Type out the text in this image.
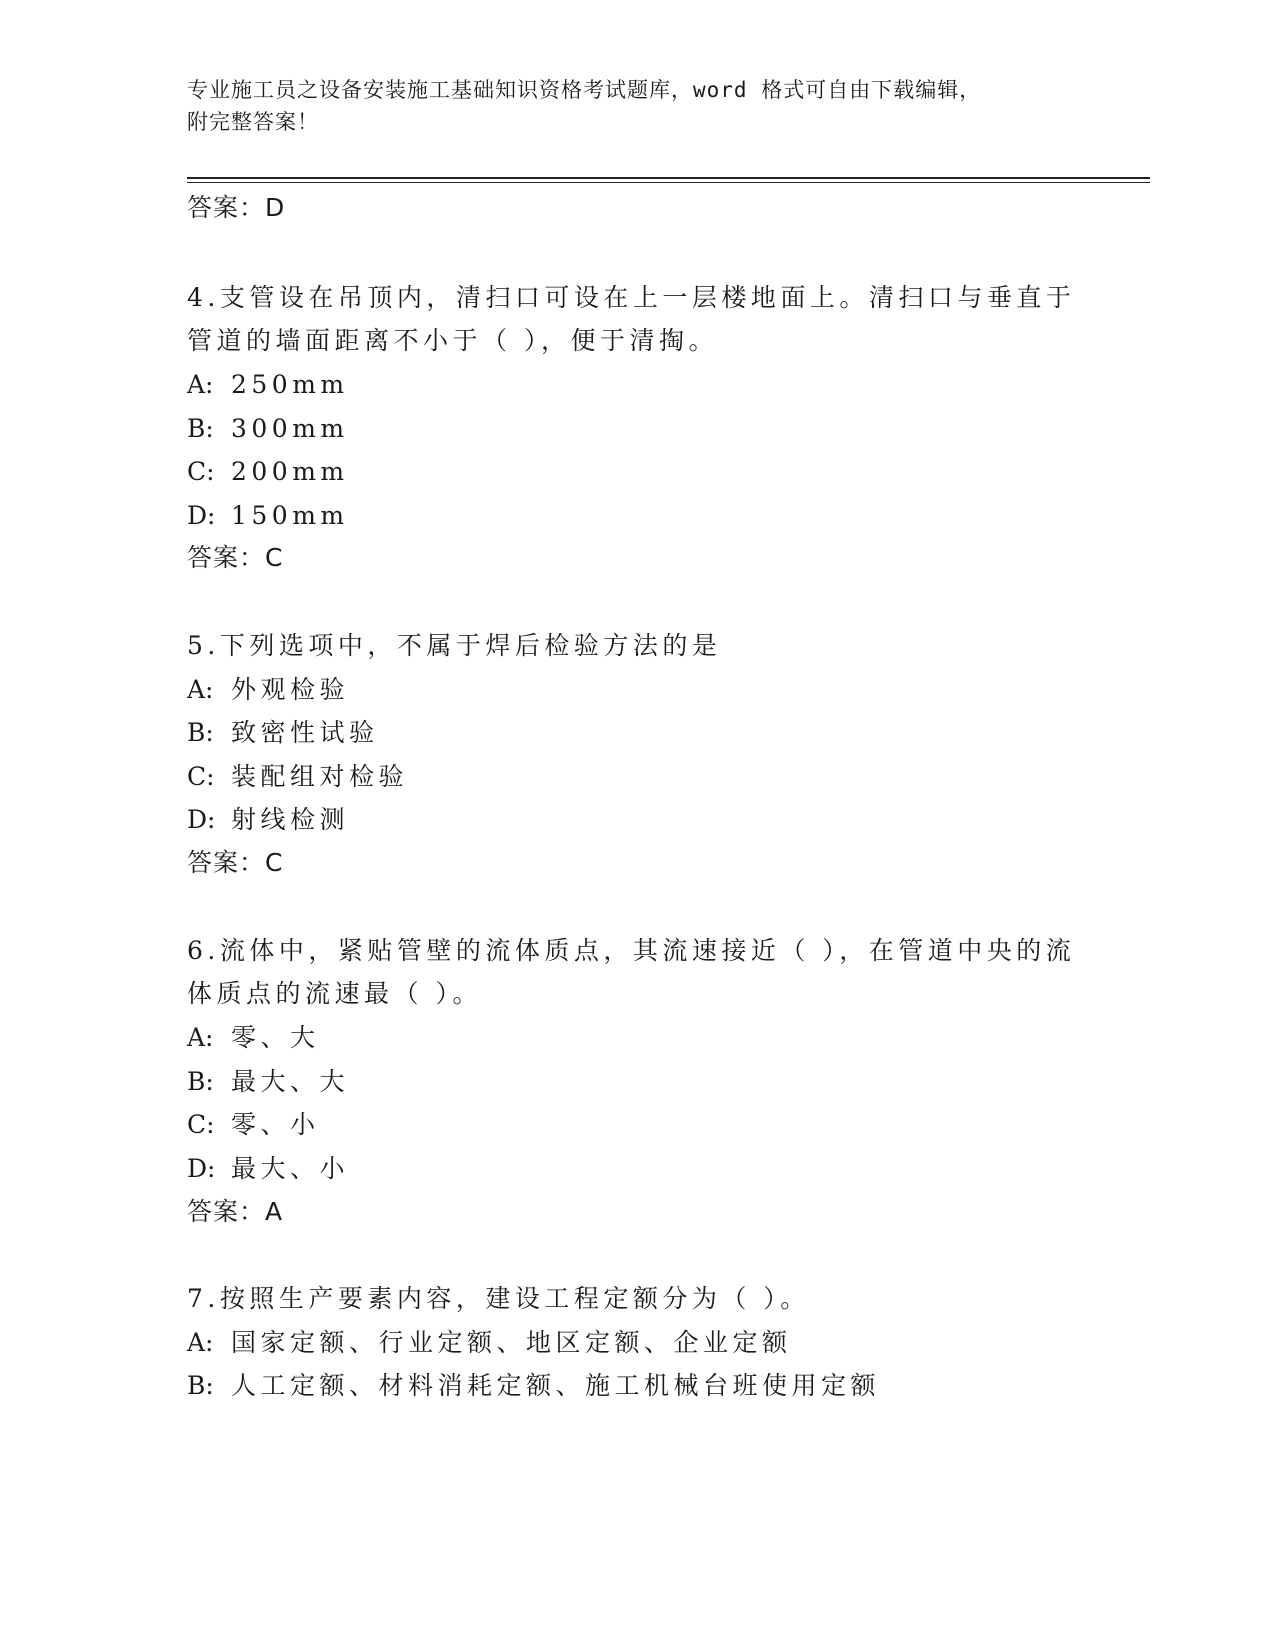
专业施工员之设备安装施工基础知识资格考试题库，word 格式可自由下载编辑，
附完整答案！
答案：D
4.支管设在吊顶内，清扫口可设在上一层楼地面上。清扫口与垂直于
管道的墙面距离不小于（ ），便于清掏。
A: 250mm
B: 300mm
C: 200mm
D: 150mm
答案：C
5.下列选项中，不属于焊后检验方法的是
A: 外观检验
B: 致密性试验
C: 装配组对检验
D: 射线检测
答案：C
6.流体中，紧贴管壁的流体质点，其流速接近（ ），在管道中央的流
体质点的流速最（ ）。
A: 零、大
B: 最大、大
C: 零、小
D: 最大、小
答案：A
7.按照生产要素内容，建设工程定额分为（ ）。
A: 国家定额、行业定额、地区定额、企业定额
B: 人工定额、材料消耗定额、施工机械台班使用定额
